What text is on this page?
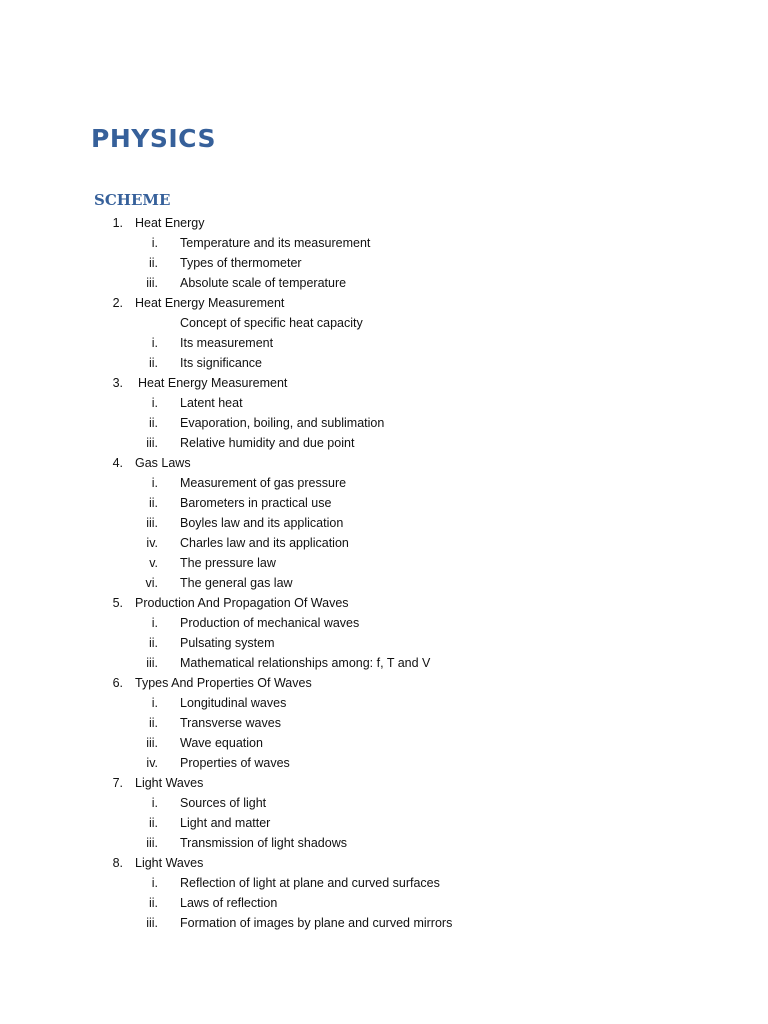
PHYSICS
SCHEME
1. Heat Energy
i. Temperature and its measurement
ii. Types of thermometer
iii. Absolute scale of temperature
2. Heat Energy Measurement
Concept of specific heat capacity
i. Its measurement
ii. Its significance
3. Heat Energy Measurement
i. Latent heat
ii. Evaporation, boiling, and sublimation
iii. Relative humidity and due point
4. Gas Laws
i. Measurement of gas pressure
ii. Barometers in practical use
iii. Boyles law and its application
iv. Charles law and its application
v. The pressure law
vi. The general gas law
5. Production And Propagation Of Waves
i. Production of mechanical waves
ii. Pulsating system
iii. Mathematical relationships among: f, T and V
6. Types And Properties Of Waves
i. Longitudinal waves
ii. Transverse waves
iii. Wave equation
iv. Properties of waves
7. Light Waves
i. Sources of light
ii. Light and matter
iii. Transmission of light shadows
8. Light Waves
i. Reflection of light at plane and curved surfaces
ii. Laws of reflection
iii. Formation of images by plane and curved mirrors
